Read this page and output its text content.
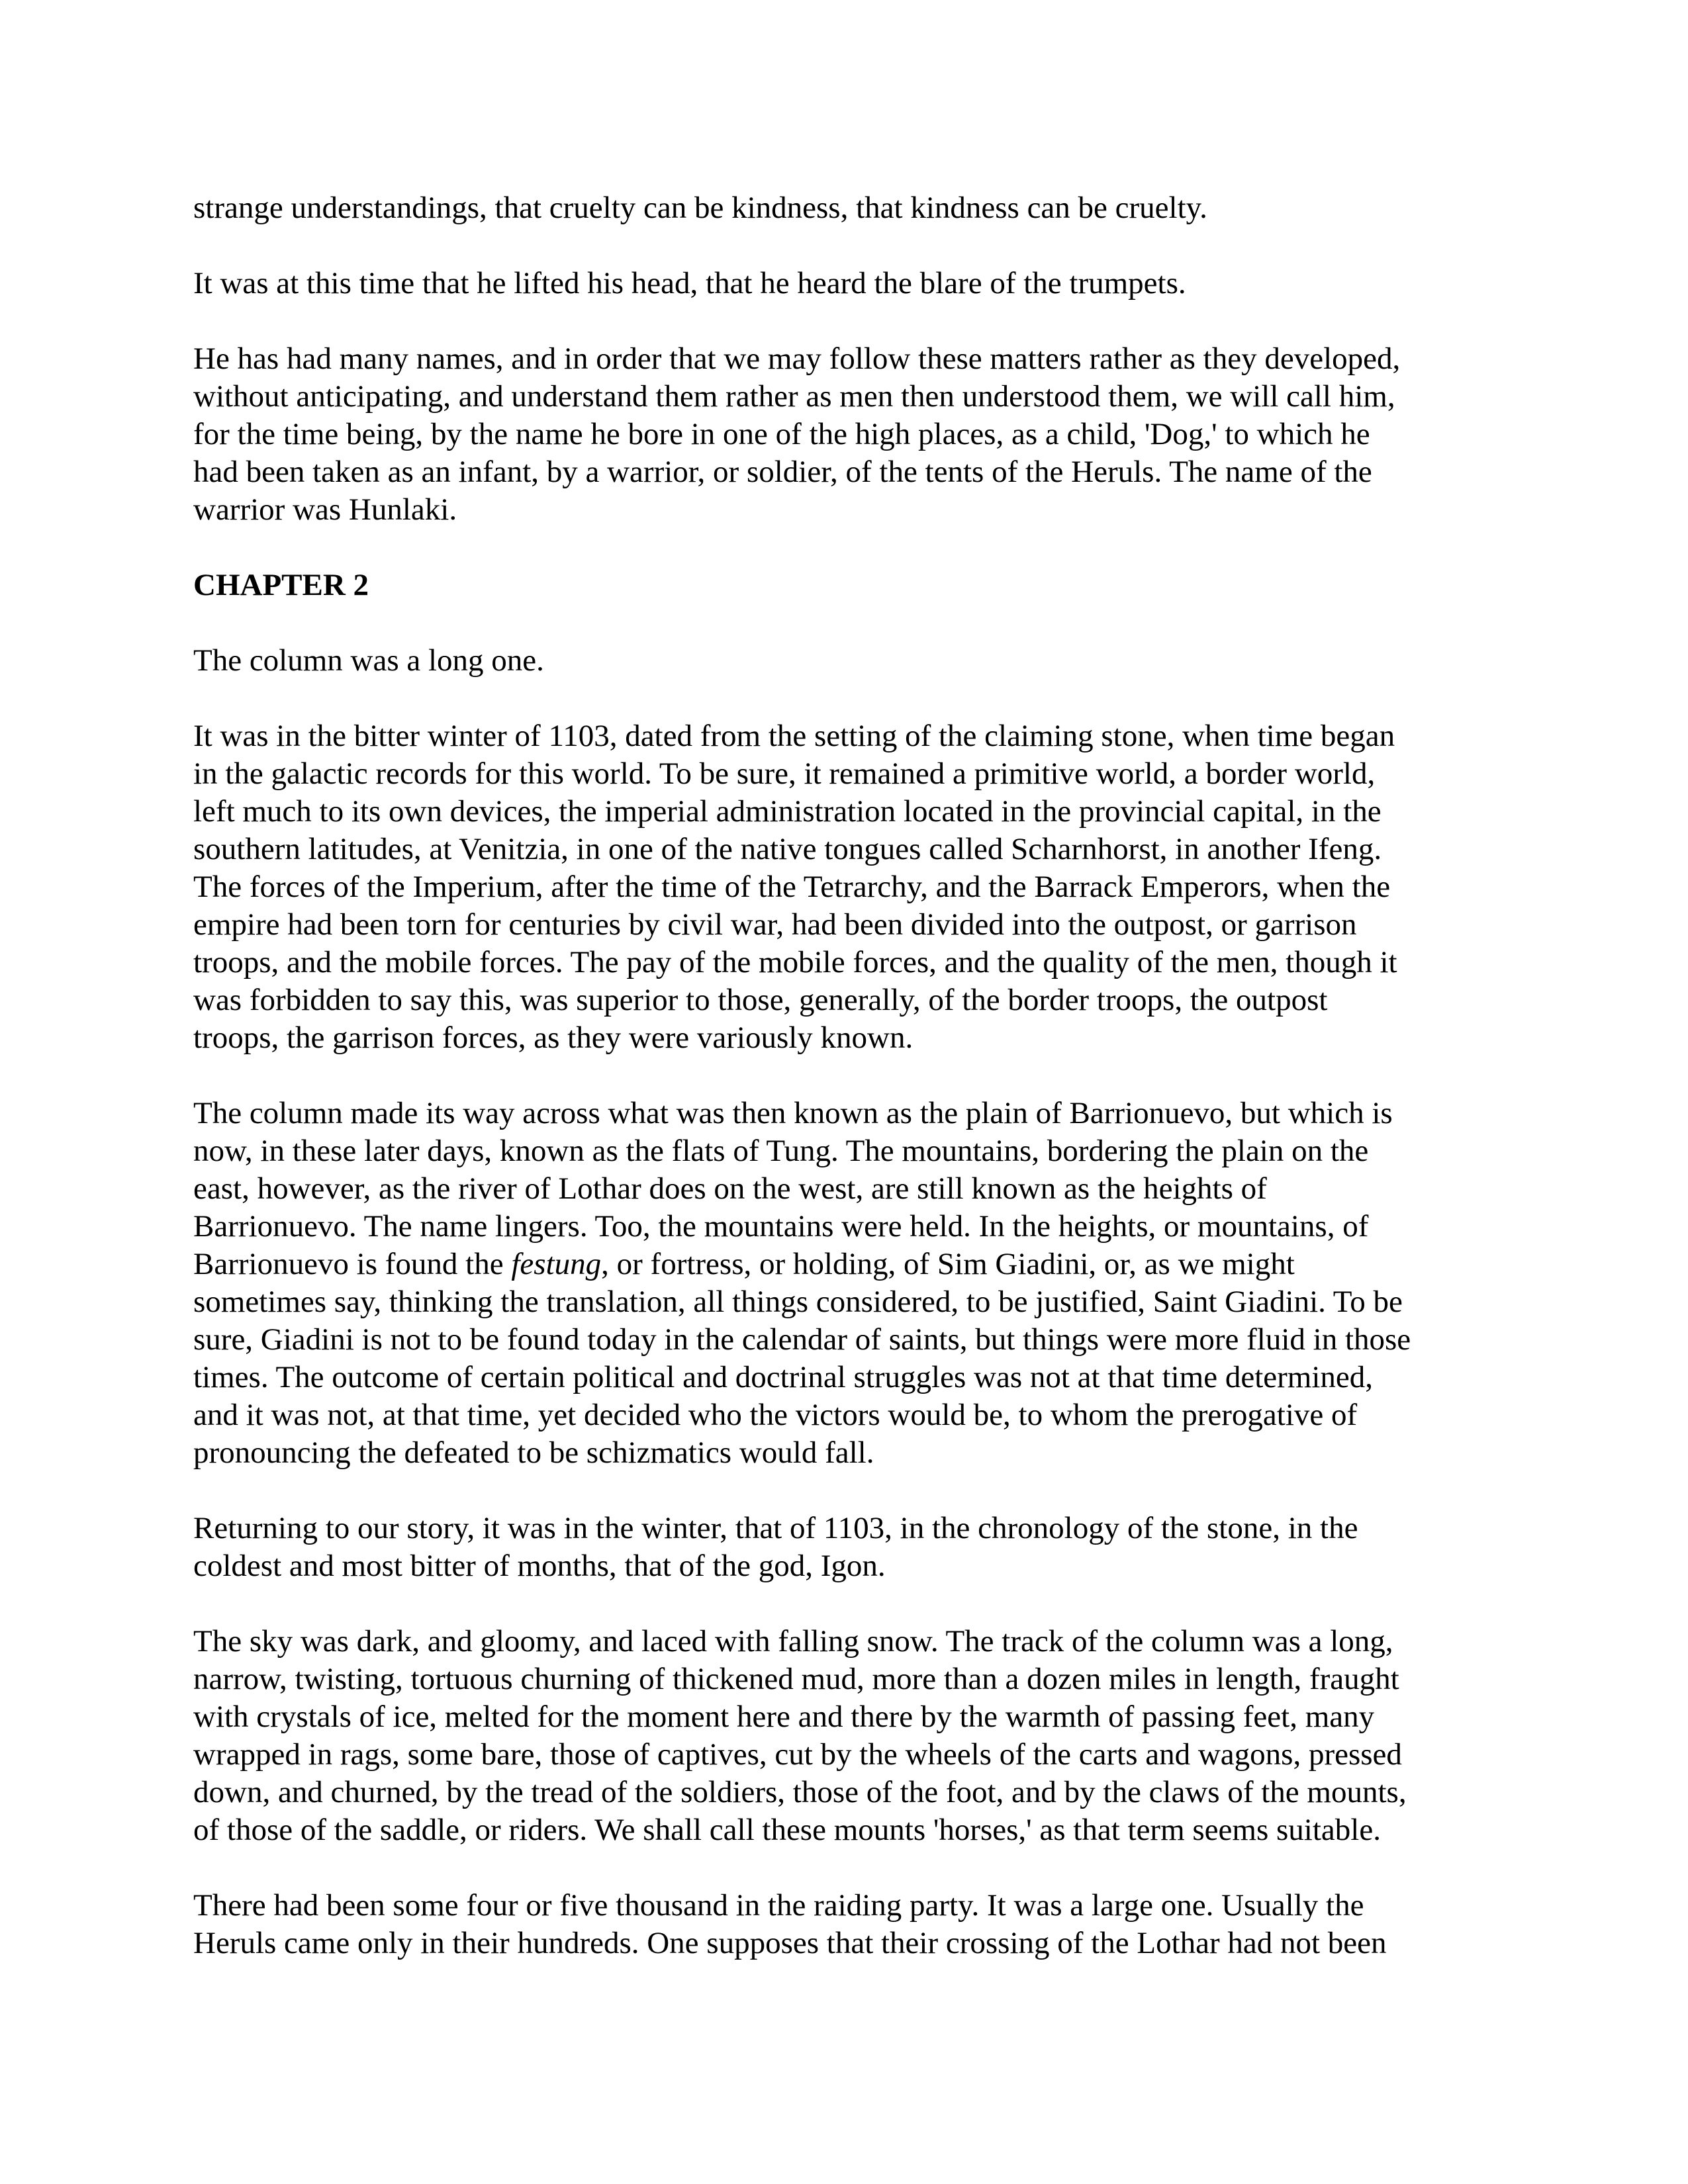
strange understandings, that cruelty can be kindness, that kindness can be cruelty.

It was at this time that he lifted his head, that he heard the blare of the trumpets.

He has had many names, and in order that we may follow these matters rather as they developed,
without anticipating, and understand them rather as men then understood them, we will call him,
for the time being, by the name he bore in one of the high places, as a child, 'Dog,' to which he
had been taken as an infant, by a warrior, or soldier, of the tents of the Heruls. The name of the
warrior was Hunlaki.

CHAPTER 2

The column was a long one.

It was in the bitter winter of 1103, dated from the setting of the claiming stone, when time began
in the galactic records for this world. To be sure, it remained a primitive world, a border world,
left much to its own devices, the imperial administration located in the provincial capital, in the
southern latitudes, at Venitzia, in one of the native tongues called Scharnhorst, in another Ifeng.
The forces of the Imperium, after the time of the Tetrarchy, and the Barrack Emperors, when the
empire had been torn for centuries by civil war, had been divided into the outpost, or garrison
troops, and the mobile forces. The pay of the mobile forces, and the quality of the men, though it
was forbidden to say this, was superior to those, generally, of the border troops, the outpost
troops, the garrison forces, as they were variously known.

The column made its way across what was then known as the plain of Barrionuevo, but which is
now, in these later days, known as the flats of Tung. The mountains, bordering the plain on the
east, however, as the river of Lothar does on the west, are still known as the heights of
Barrionuevo. The name lingers. Too, the mountains were held. In the heights, or mountains, of
Barrionuevo is found the festung, or fortress, or holding, of Sim Giadini, or, as we might
sometimes say, thinking the translation, all things considered, to be justified, Saint Giadini. To be
sure, Giadini is not to be found today in the calendar of saints, but things were more fluid in those
times. The outcome of certain political and doctrinal struggles was not at that time determined,
and it was not, at that time, yet decided who the victors would be, to whom the prerogative of
pronouncing the defeated to be schizmatics would fall.

Returning to our story, it was in the winter, that of 1103, in the chronology of the stone, in the
coldest and most bitter of months, that of the god, Igon.

The sky was dark, and gloomy, and laced with falling snow. The track of the column was a long,
narrow, twisting, tortuous churning of thickened mud, more than a dozen miles in length, fraught
with crystals of ice, melted for the moment here and there by the warmth of passing feet, many
wrapped in rags, some bare, those of captives, cut by the wheels of the carts and wagons, pressed
down, and churned, by the tread of the soldiers, those of the foot, and by the claws of the mounts,
of those of the saddle, or riders. We shall call these mounts 'horses,' as that term seems suitable.

There had been some four or five thousand in the raiding party. It was a large one. Usually the
Heruls came only in their hundreds. One supposes that their crossing of the Lothar had not been
